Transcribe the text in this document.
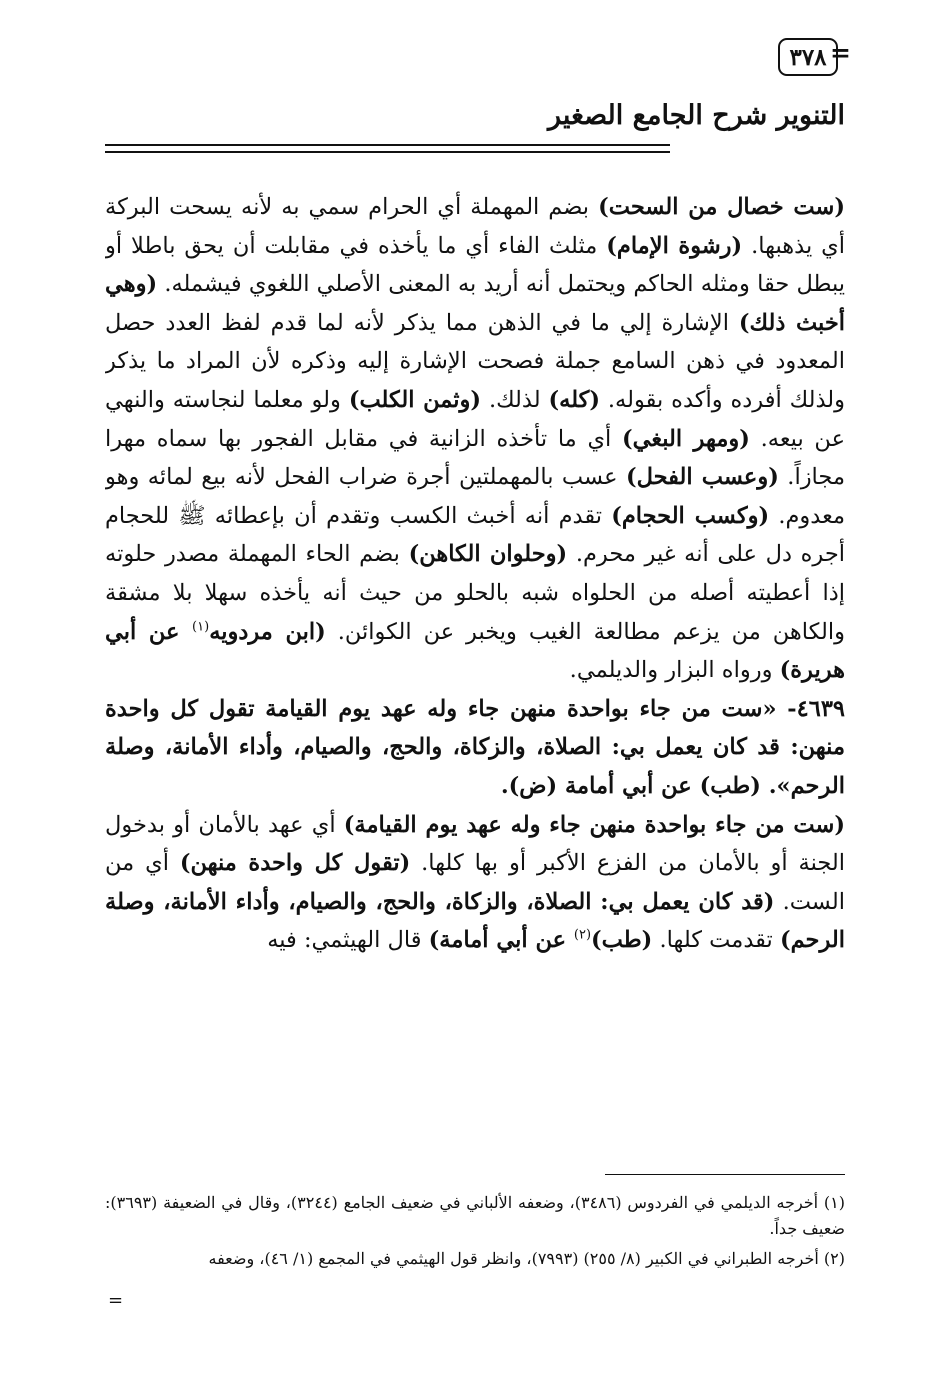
التنوير شرح الجامع الصغير
٣٧٨ =

(ست خصال من السحت) بضم المهملة أي الحرام سمي به لأنه يسحت البركة أي يذهبها. (رشوة الإمام) مثلث الفاء أي ما يأخذه في مقابلت أن يحق باطلا أو يبطل حقا ومثله الحاكم ويحتمل أنه أريد به المعنى الأصلي اللغوي فيشمله. (وهي أخبث ذلك) الإشارة إلي ما في الذهن مما يذكر لأنه لما قدم لفظ العدد حصل المعدود في ذهن السامع جملة فصحت الإشارة إليه وذكره لأن المراد ما يذكر ولذلك أفرده وأكده بقوله. (كله) لذلك. (وثمن الكلب) ولو معلما لنجاسته والنهي عن بيعه. (ومهر البغي) أي ما تأخذه الزانية في مقابل الفجور بها سماه مهرا مجازاً. (وعسب الفحل) عسب بالمهملتين أجرة ضراب الفحل لأنه بيع لمائه وهو معدوم. (وكسب الحجام) تقدم أنه أخبث الكسب وتقدم أن بإعطائه ﷺ للحجام أجره دل على أنه غير محرم. (وحلوان الكاهن) بضم الحاء المهملة مصدر حلوته إذا أعطيته أصله من الحلواه شبه بالحلو من حيث أنه يأخذه سهلا بلا مشقة والكاهن من يزعم مطالعة الغيب ويخبر عن الكوائن. (ابن مردويه$^{(١)}$ عن أبي هريرة) ورواه البزار والديلمي.

٤٦٣٩- «ست من جاء بواحدة منهن جاء وله عهد يوم القيامة تقول كل واحدة منهن: قد كان يعمل بي: الصلاة، والزكاة، والحج، والصيام، وأداء الأمانة، وصلة الرحم». (طب) عن أبي أمامة (ض).

(ست من جاء بواحدة منهن جاء وله عهد يوم القيامة) أي عهد بالأمان أو بدخول الجنة أو بالأمان من الفزع الأكبر أو بها كلها. (تقول كل واحدة منهن) أي من الست. (قد كان يعمل بي: الصلاة، والزكاة، والحج، والصيام، وأداء الأمانة، وصلة الرحم) تقدمت كلها. (طب)$^{(٢)}$ عن أبي أمامة) قال الهيثمي: فيه

(١) أخرجه الديلمي في الفردوس (٣٤٨٦)، وضعفه الألباني في ضعيف الجامع (٣٢٤٤)، وقال في الضعيفة (٣٦٩٣): ضعيف جداً.

(٢) أخرجه الطبراني في الكبير (٨/ ٢٥٥) (٧٩٩٣)، وانظر قول الهيثمي في المجمع (١/ ٤٦)، وضعفه

=
